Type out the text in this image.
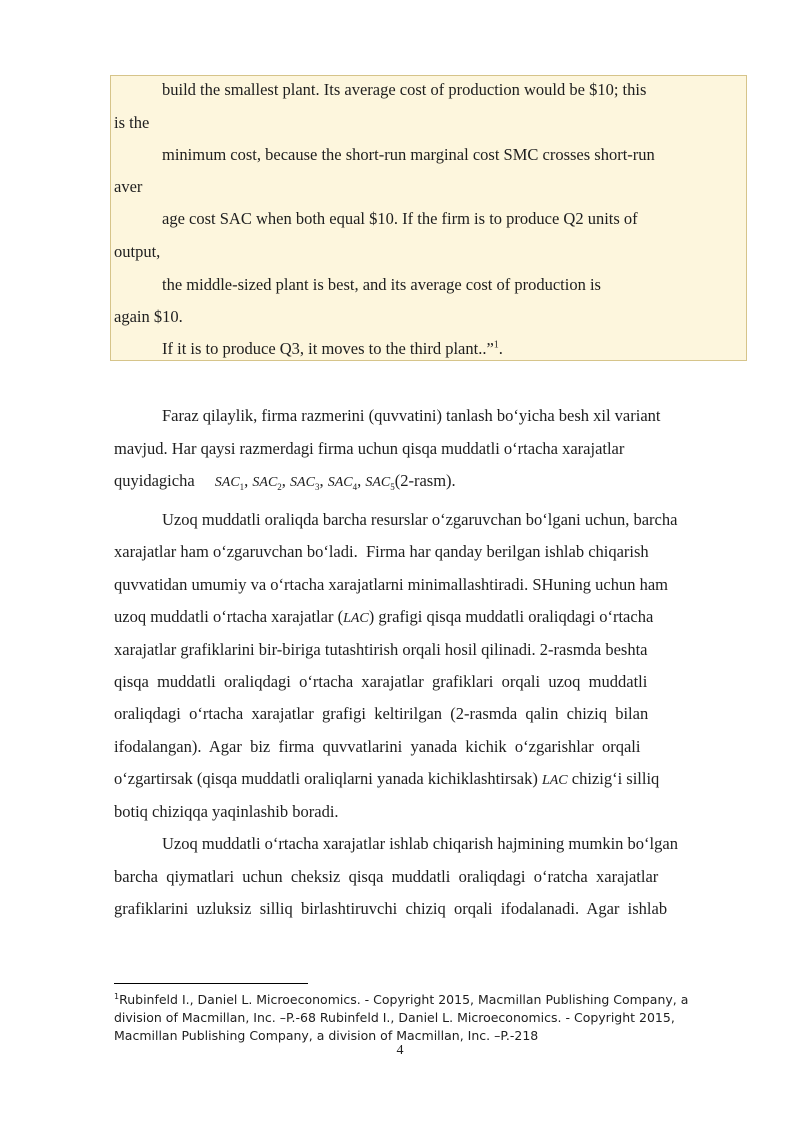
build the smallest plant. Its average cost of production would be $10; this
is the
minimum cost, because the short-run marginal cost SMC crosses short-run
aver
age cost SAC when both equal $10. If the firm is to produce Q2 units of
output,
the middle-sized plant is best, and its average cost of production is
again $10.
If it is to produce Q3, it moves to the third plant..”$^1$.
Faraz qilaylik, firma razmerini (quvvatini) tanlash bo‘yicha besh xil variant
mavjud. Har qaysi razmerdagi firma uchun qisqa muddatli o‘rtacha xarajatlar
quyidagicha $SAC_1$, $SAC_2$, $SAC_3$, $SAC_4$, $SAC_5(2-rasm)$.
Uzoq muddatli oraliqda barcha resurslar o‘zgaruvchan bo‘lgani uchun, barcha
xarajatlar ham o‘zgaruvchan bo‘ladi.  Firma har qanday berilgan ishlab chiqarish
quvvatidan umumiy va o‘rtacha xarajatlarni minimallashtiradi. SHuning uchun ham
uzoq muddatli o‘rtacha xarajatlar (LAC) grafigi qisqa muddatli oraliqdagi o‘rtacha
xarajatlar grafiklarini bir-biriga tutashtirish orqali hosil qilinadi. 2-rasmda beshta
qisqa  muddatli  oraliqdagi  o‘rtacha  xarajatlar  grafiklari  orqali  uzoq  muddatli
oraliqdagi  o‘rtacha  xarajatlar  grafigi  keltirilgan  (2-rasmda  qalin  chiziq  bilan
ifodalangan).  Agar  biz  firma  quvvatlarini  yanada  kichik  o‘zgarishlar  orqali
o‘zgartirsak (qisqa muddatli oraliqlarni yanada kichiklashtirsak) LAC chizig‘i silliq
botiq chiziqqa yaqinlashib boradi.
Uzoq muddatli o‘rtacha xarajatlar ishlab chiqarish hajmining mumkin bo‘lgan
barcha  qiymatlari  uchun  cheksiz  qisqa  muddatli  oraliqdagi  o‘ratcha  xarajatlar
grafiklarini  uzluksiz  silliq  birlashtiruvchi  chiziq  orqali  ifodalanadi.  Agar  ishlab

$^1$Rubinfeld I., Daniel L. Microeconomics. - Copyright 2015, Macmillan Publishing Company, a

division of Macmillan, Inc. –P.-68 Rubinfeld I., Daniel L. Microeconomics. - Copyright 2015,

Macmillan Publishing Company, a division of Macmillan, Inc. –P.-218

4
